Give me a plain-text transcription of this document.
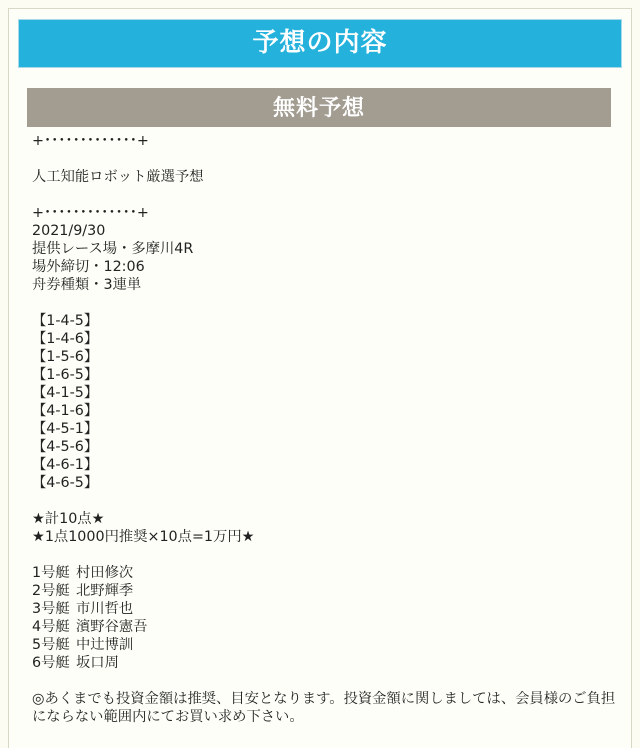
予想の内容
無料予想
+･････････････+
人工知能ロボット厳選予想
+･････････････+
2021/9/30
提供レース場・多摩川4R
場外締切・12:06
舟券種類・3連単
【1-4-5】
【1-4-6】
【1-5-6】
【1-6-5】
【4-1-5】
【4-1-6】
【4-5-1】
【4-5-6】
【4-6-1】
【4-6-5】
★計10点★
★1点1000円推奨×10点=1万円★
1号艇 村田修次
2号艇 北野輝季
3号艇 市川哲也
4号艇 濱野谷憲吾
5号艇 中辻博訓
6号艇 坂口周
◎あくまでも投資金額は推奨、目安となります。投資金額に関しましては、会員様のご負担にならない範囲内にてお買い求め下さい。
